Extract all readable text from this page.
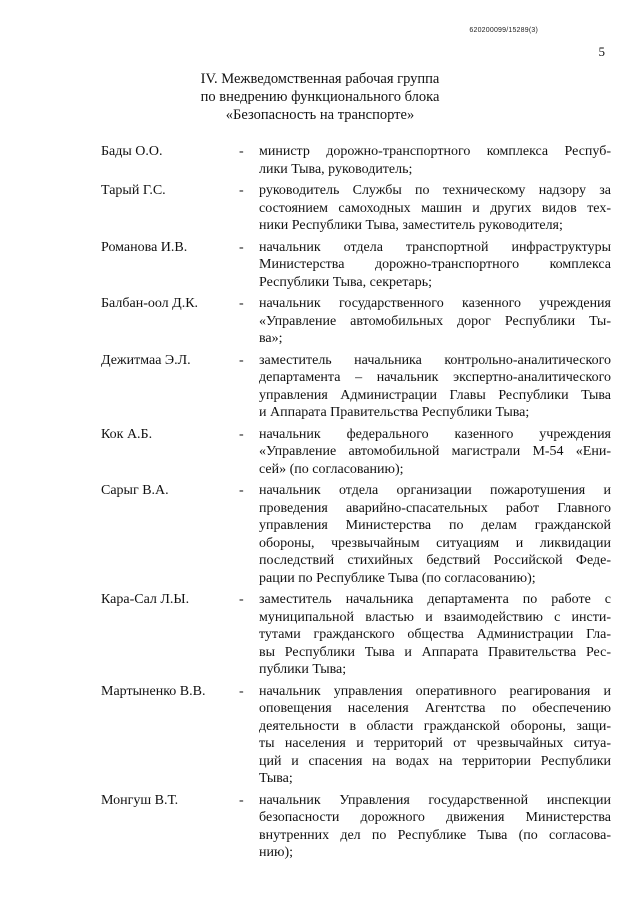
620200099/15289(3)
5
IV. Межведомственная рабочая группа
по внедрению функционального блока
«Безопасность на транспорте»
Бады О.О.	-	министр дорожно-транспортного комплекса Респуб-
лики Тыва, руководитель;
Тарый Г.С.	-	руководитель Службы по техническому надзору за
состоянием самоходных машин и других видов тех-
ники Республики Тыва, заместитель руководителя;
Романова И.В.	-	начальник отдела транспортной инфраструктуры
Министерства дорожно-транспортного комплекса
Республики Тыва, секретарь;
Балбан-оол Д.К.	-	начальник государственного казенного учреждения
«Управление автомобильных дорог Республики Ты-
ва»;
Дежитмаа Э.Л.	-	заместитель начальника контрольно-аналитического
департамента – начальник экспертно-аналитического
управления Администрации Главы Республики Тыва
и Аппарата Правительства Республики Тыва;
Кок А.Б.	-	начальник федерального казенного учреждения
«Управление автомобильной магистрали М-54 «Ени-
сей» (по согласованию);
Сарыг В.А.	-	начальник отдела организации пожаротушения и
проведения аварийно-спасательных работ Главного
управления Министерства по делам гражданской
обороны, чрезвычайным ситуациям и ликвидации
последствий стихийных бедствий Российской Феде-
рации по Республике Тыва (по согласованию);
Кара-Сал Л.Ы.	-	заместитель начальника департамента по работе с
муниципальной властью и взаимодействию с инсти-
тутами гражданского общества Администрации Гла-
вы Республики Тыва и Аппарата Правительства Рес-
публики Тыва;
Мартыненко В.В.	-	начальник управления оперативного реагирования и
оповещения населения Агентства по обеспечению
деятельности в области гражданской обороны, защи-
ты населения и территорий от чрезвычайных ситуа-
ций и спасения на водах на территории Республики
Тыва;
Монгуш В.Т.	-	начальник Управления государственной инспекции
безопасности дорожного движения Министерства
внутренних дел по Республике Тыва (по согласова-
нию);
